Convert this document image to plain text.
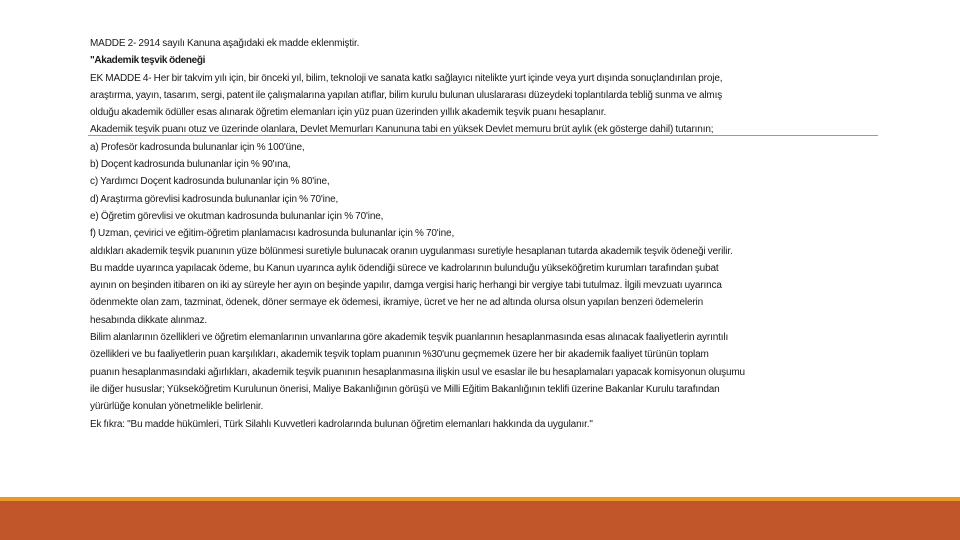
MADDE 2- 2914 sayılı Kanuna aşağıdaki ek madde eklenmiştir.

"Akademik teşvik ödeneği

EK MADDE 4- Her bir takvim yılı için, bir önceki yıl, bilim, teknoloji ve sanata katkı sağlayıcı nitelikte yurt içinde veya yurt dışında sonuçlandırılan proje,

araştırma, yayın, tasarım, sergi, patent ile çalışmalarına yapılan atıflar, bilim kurulu bulunan uluslararası düzeydeki toplantılarda tebliğ sunma ve almış

olduğu akademik ödüller esas alınarak öğretim elemanları için yüz puan üzerinden yıllık akademik teşvik puanı hesaplanır.

Akademik teşvik puanı otuz ve üzerinde olanlara, Devlet Memurları Kanununa tabi en yüksek Devlet memuru brüt aylık (ek gösterge dahil) tutarının;

a) Profesör kadrosunda bulunanlar için % 100'üne,

b) Doçent kadrosunda bulunanlar için % 90'ına,

c) Yardımcı Doçent kadrosunda bulunanlar için % 80'ine,

d) Araştırma görevlisi kadrosunda bulunanlar için % 70'ine,

e) Öğretim görevlisi ve okutman kadrosunda bulunanlar için % 70'ine,

f) Uzman, çevirici ve eğitim-öğretim planlamacısı kadrosunda bulunanlar için % 70'ine,

aldıkları akademik teşvik puanının yüze bölünmesi suretiyle bulunacak oranın uygulanması suretiyle hesaplanan tutarda akademik teşvik ödeneği verilir.

Bu madde uyarınca yapılacak ödeme, bu Kanun uyarınca aylık ödendiği sürece ve kadrolarının bulunduğu yükseköğretim kurumları tarafından şubat

ayının on beşinden itibaren on iki ay süreyle her ayın on beşinde yapılır, damga vergisi hariç herhangi bir vergiye tabi tutulmaz. İlgili mevzuatı uyarınca

ödenmekte olan zam, tazminat, ödenek, döner sermaye ek ödemesi, ikramiye, ücret ve her ne ad altında olursa olsun yapılan benzeri ödemelerin

hesabında dikkate alınmaz.

Bilim alanlarının özellikleri ve öğretim elemanlarının unvanlarına göre akademik teşvik puanlarının hesaplanmasında esas alınacak faaliyetlerin ayrıntılı

özellikleri ve bu faaliyetlerin puan karşılıkları, akademik teşvik toplam puanının %30'unu geçmemek üzere her bir akademik faaliyet türünün toplam

puanın hesaplanmasındaki ağırlıkları, akademik teşvik puanının hesaplanmasına ilişkin usul ve esaslar ile bu hesaplamaları yapacak komisyonun oluşumu

ile diğer hususlar; Yükseköğretim Kurulunun önerisi, Maliye Bakanlığının görüşü ve Milli Eğitim Bakanlığının teklifi üzerine Bakanlar Kurulu tarafından

yürürlüğe konulan yönetmelikle belirlenir.

Ek fıkra: "Bu madde hükümleri, Türk Silahlı Kuvvetleri kadrolarında bulunan öğretim elemanları hakkında da uygulanır."
